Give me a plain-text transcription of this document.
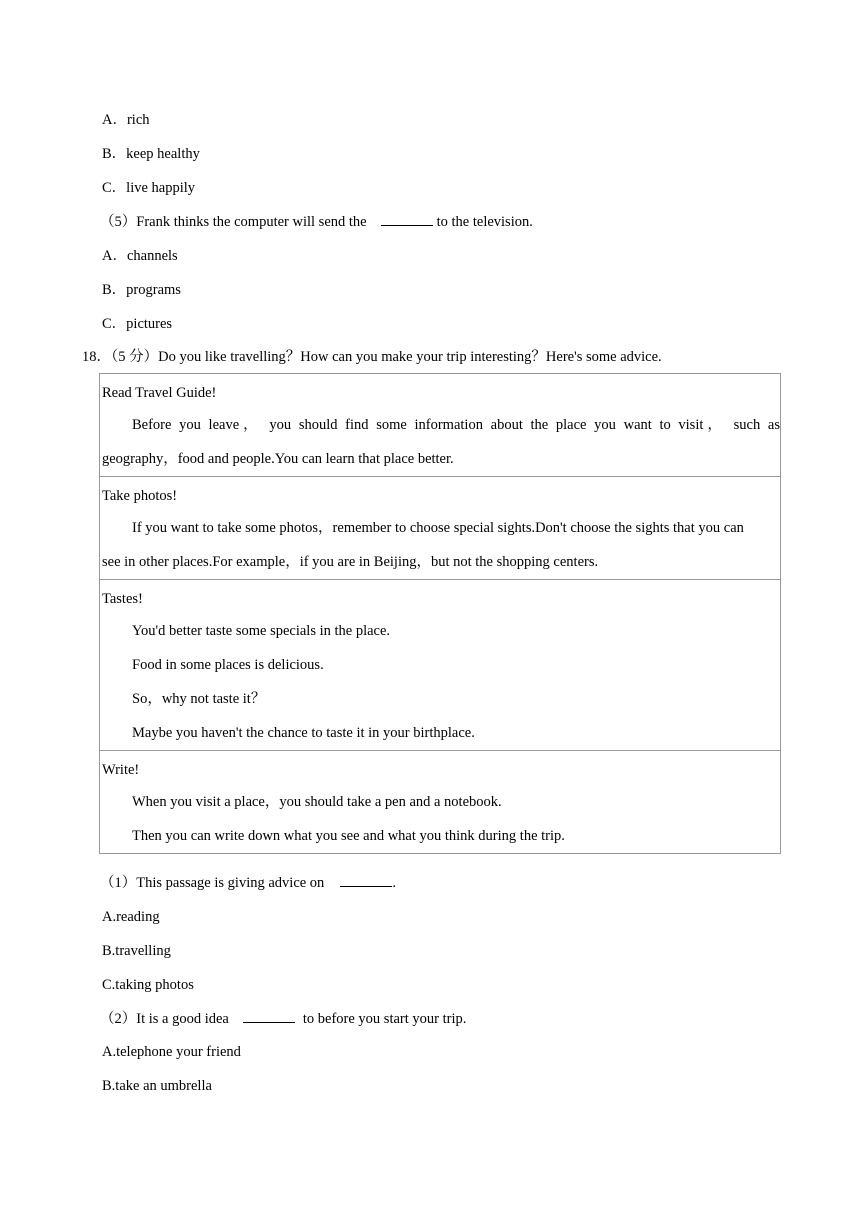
A．rich
B．keep healthy
C．live happily
（5）Frank thinks the computer will send the	to the television.
A．channels
B．programs
C．pictures
18．（5 分）Do you like travelling？How can you make your trip interesting？Here's some advice.
Read Travel Guide!
Before you leave， you should find some information about the place you want to visit， such as
geography，food and people.You can learn that place better.

Take photos!
If you want to take some photos，remember to choose special sights.Don't choose the sights that you can
see in other places.For example，if you are in Beijing，but not the shopping centers.

Tastes!
You'd better taste some specials in the place.
Food in some places is delicious.
So，why not taste it？
Maybe you haven't the chance to taste it in your birthplace.

Write!
When you visit a place，you should take a pen and a notebook.
Then you can write down what you see and what you think during the trip.
（1）This passage is giving advice on	.
A.reading
B.travelling
C.taking photos
（2）It is a good idea	to before you start your trip.
A.telephone your friend
B.take an umbrella
